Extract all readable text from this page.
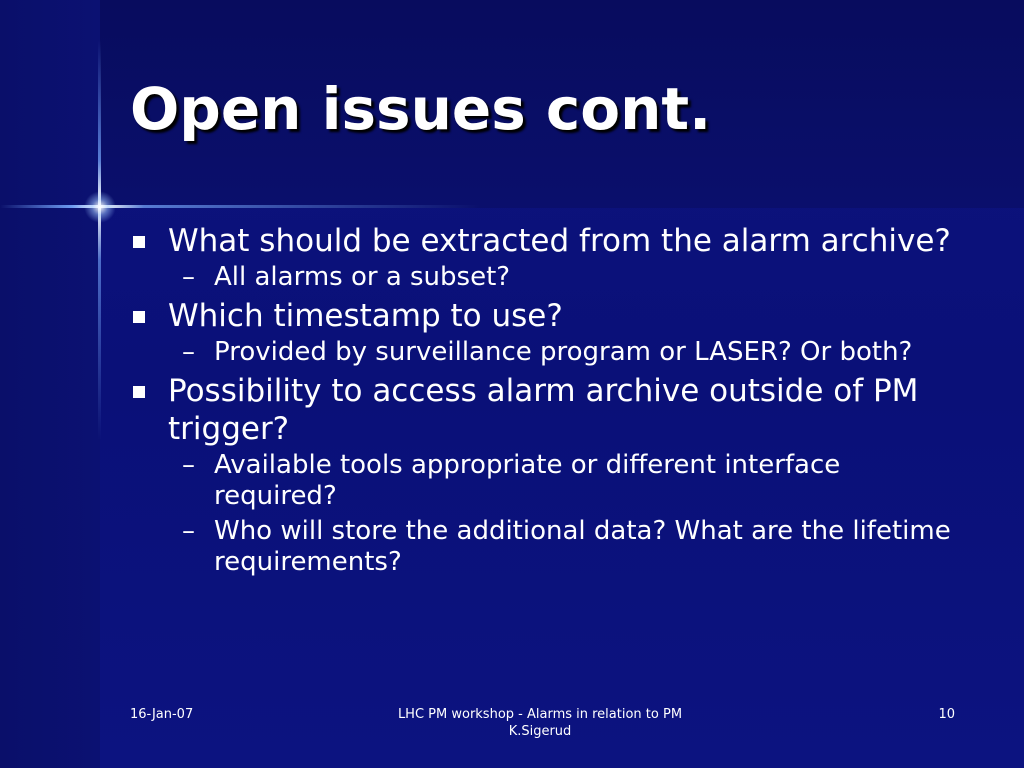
Open issues cont.
What should be extracted from the alarm archive?
– All alarms or a subset?
Which timestamp to use?
– Provided by surveillance program or LASER? Or both?
Possibility to access alarm archive outside of PM trigger?
– Available tools appropriate or different interface required?
– Who will store the additional data? What are the lifetime requirements?
16-Jan-07	LHC PM workshop - Alarms in relation to PM
K.Sigerud
10
